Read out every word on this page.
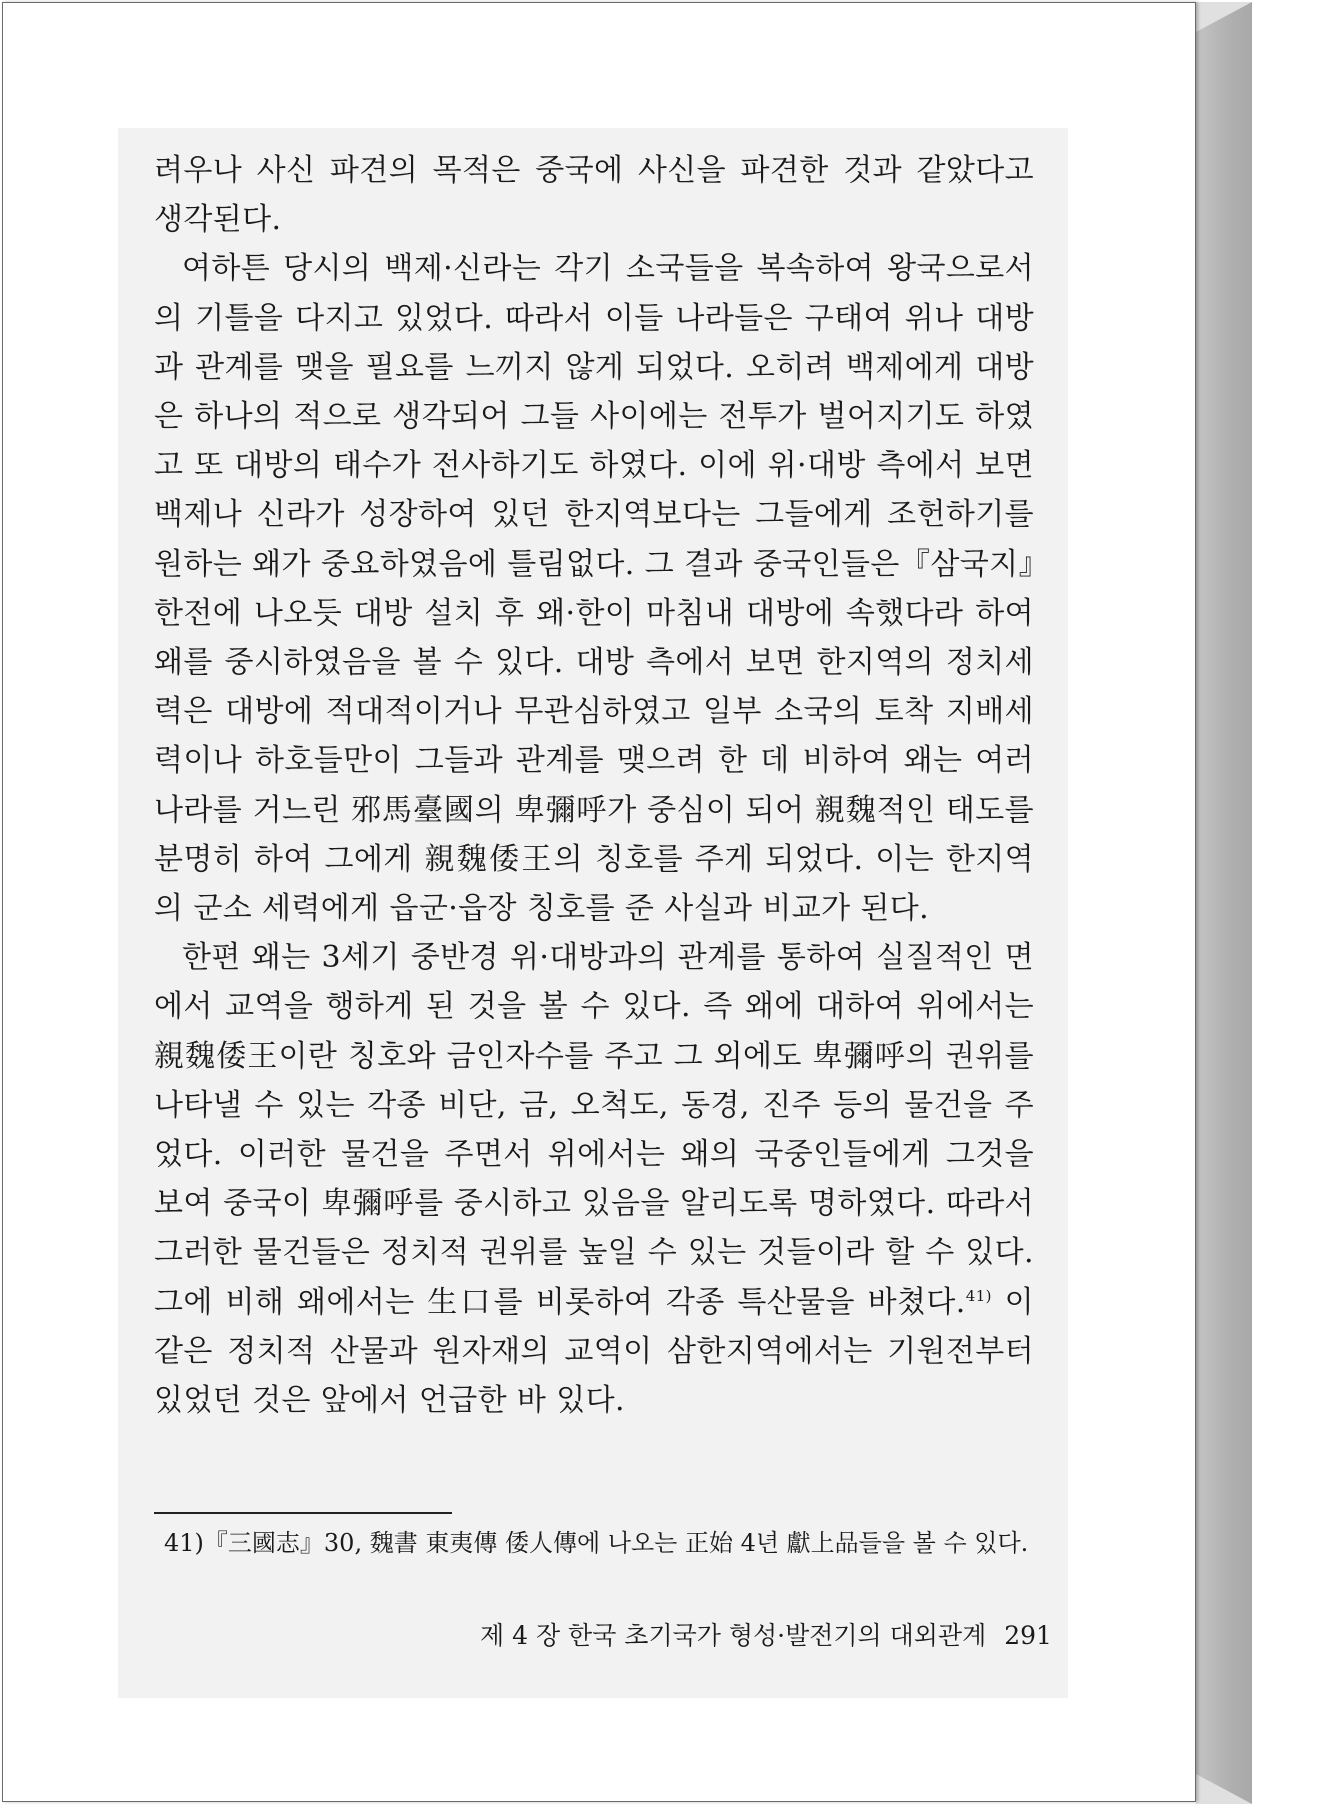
려우나 사신 파견의 목적은 중국에 사신을 파견한 것과 같았다고 생각된다.

여하튼 당시의 백제·신라는 각기 소국들을 복속하여 왕국으로서의 기틀을 다지고 있었다. 따라서 이들 나라들은 구태여 위나 대방과 관계를 맺을 필요를 느끼지 않게 되었다. 오히려 백제에게 대방은 하나의 적으로 생각되어 그들 사이에는 전투가 벌어지기도 하였고 또 대방의 태수가 전사하기도 하였다. 이에 위·대방 측에서 보면 백제나 신라가 성장하여 있던 한지역보다는 그들에게 조헌하기를 원하는 왜가 중요하였음에 틀림없다. 그 결과 중국인들은『삼국지』한전에 나오듯 대방 설치 후 왜·한이 마침내 대방에 속했다라 하여 왜를 중시하였음을 볼 수 있다. 대방 측에서 보면 한지역의 정치세력은 대방에 적대적이거나 무관심하였고 일부 소국의 토착 지배세력이나 하호들만이 그들과 관계를 맺으려 한 데 비하여 왜는 여러 나라를 거느린 邪馬臺國의 卑彌呼가 중심이 되어 親魏적인 태도를 분명히 하여 그에게 親魏倭王의 칭호를 주게 되었다. 이는 한지역의 군소 세력에게 읍군·읍장 칭호를 준 사실과 비교가 된다.

한편 왜는 3세기 중반경 위·대방과의 관계를 통하여 실질적인 면에서 교역을 행하게 된 것을 볼 수 있다. 즉 왜에 대하여 위에서는 親魏倭王이란 칭호와 금인자수를 주고 그 외에도 卑彌呼의 권위를 나타낼 수 있는 각종 비단, 금, 오척도, 동경, 진주 등의 물건을 주었다. 이러한 물건을 주면서 위에서는 왜의 국중인들에게 그것을 보여 중국이 卑彌呼를 중시하고 있음을 알리도록 명하였다. 따라서 그러한 물건들은 정치적 권위를 높일 수 있는 것들이라 할 수 있다. 그에 비해 왜에서는 生口를 비롯하여 각종 특산물을 바쳤다.$^{41)}$ 이 같은 정치적 산물과 원자재의 교역이 삼한지역에서는 기원전부터 있었던 것은 앞에서 언급한 바 있다.

41)『三國志』30, 魏書 東夷傳 倭人傳에 나오는 正始 4년 獻上品들을 볼 수 있다.
제 4 장 한국 초기국가 형성·발전기의 대외관계 291
